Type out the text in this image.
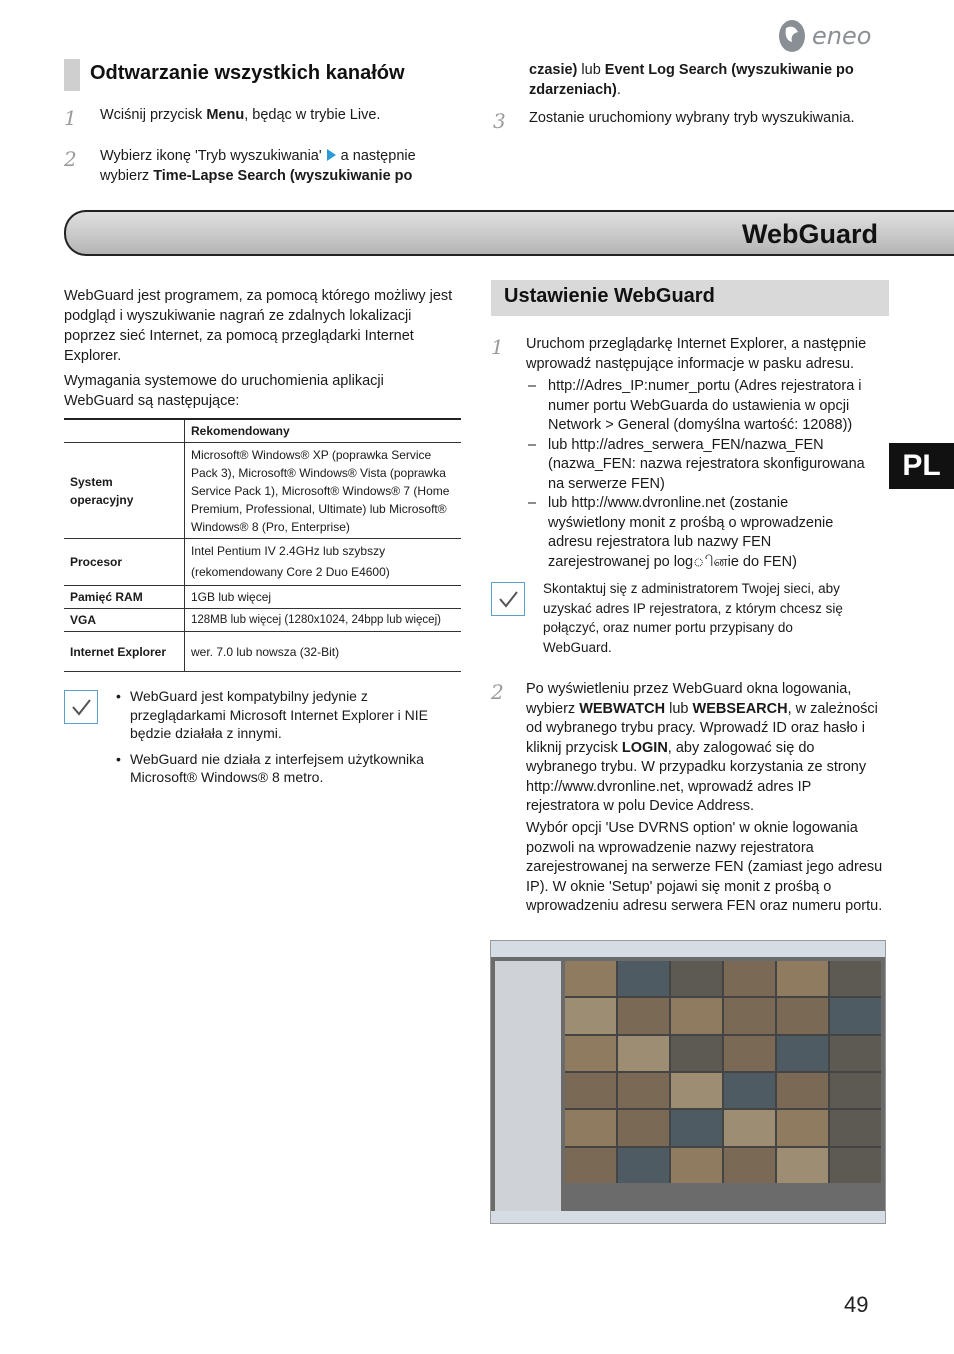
eneo
Odtwarzanie wszystkich kanałów
1 Wciśnij przycisk Menu, będąc w trybie Live.
2 Wybierz ikonę 'Tryb wyszukiwania'  a następnie
wybierz Time-Lapse Search (wyszukiwanie po
czasie) lub Event Log Search (wyszukiwanie po
zdarzeniach).
3 Zostanie uruchomiony wybrany tryb wyszukiwania.
WebGuard
PL
WebGuard jest programem, za pomocą którego możliwy jest podgląd i wyszukiwanie nagrań ze zdalnych lokalizacji poprzez sieć Internet, za pomocą przeglądarki Internet Explorer.
Wymagania systemowe do uruchomienia aplikacji WebGuard są następujące:
	Rekomendowany
System operacyjny	Microsoft® Windows® XP (poprawka Service Pack 3), Microsoft® Windows® Vista (poprawka Service Pack 1), Microsoft® Windows® 7 (Home Premium, Professional, Ultimate) lub Microsoft® Windows® 8 (Pro, Enterprise)
Procesor	Intel Pentium IV 2.4GHz lub szybszy (rekomendowany Core 2 Duo E4600)
Pamięć RAM	1GB lub więcej
VGA	128MB lub więcej (1280x1024, 24bpp lub więcej)
Internet Explorer	wer. 7.0 lub nowsza (32-Bit)
• WebGuard jest kompatybilny jedynie z przeglądarkami Microsoft Internet Explorer i NIE będzie działała z innymi.
• WebGuard nie działa z interfejsem użytkownika Microsoft® Windows® 8 metro.
Ustawienie WebGuard
1 Uruchom przeglądarkę Internet Explorer, a następnie wprowadź następujące informacje w pasku adresu.
– http://Adres_IP:numer_portu (Adres rejestratora i numer portu WebGuarda do ustawienia w opcji Network > General (domyślna wartość: 12088))
– lub http://adres_serwera_FEN/nazwa_FEN (nazwa_FEN: nazwa rejestratora skonfigurowana na serwerze FEN)
– lub http://www.dvronline.net (zostanie wyświetlony monit z prośbą o wprowadzenie adresu rejestratora lub nazwy FEN zarejestrowanej po logினie do FEN)
Skontaktuj się z administratorem Twojej sieci, aby uzyskać adres IP rejestratora, z którym chcesz się połączyć, oraz numer portu przypisany do WebGuard.
2 Po wyświetleniu przez WebGuard okna logowania, wybierz WEBWATCH lub WEBSEARCH, w zależności od wybranego trybu pracy. Wprowadź ID oraz hasło i kliknij przycisk LOGIN, aby zalogować się do wybranego trybu. W przypadku korzystania ze strony http://www.dvronline.net, wprowadź adres IP rejestratora w polu Device Address.
Wybór opcji 'Use DVRNS option' w oknie logowania pozwoli na wprowadzenie nazwy rejestratora zarejestrowanej na serwerze FEN (zamiast jego adresu IP). W oknie 'Setup' pojawi się monit z prośbą o wprowadzeniu adresu serwera FEN oraz numeru portu.
49
